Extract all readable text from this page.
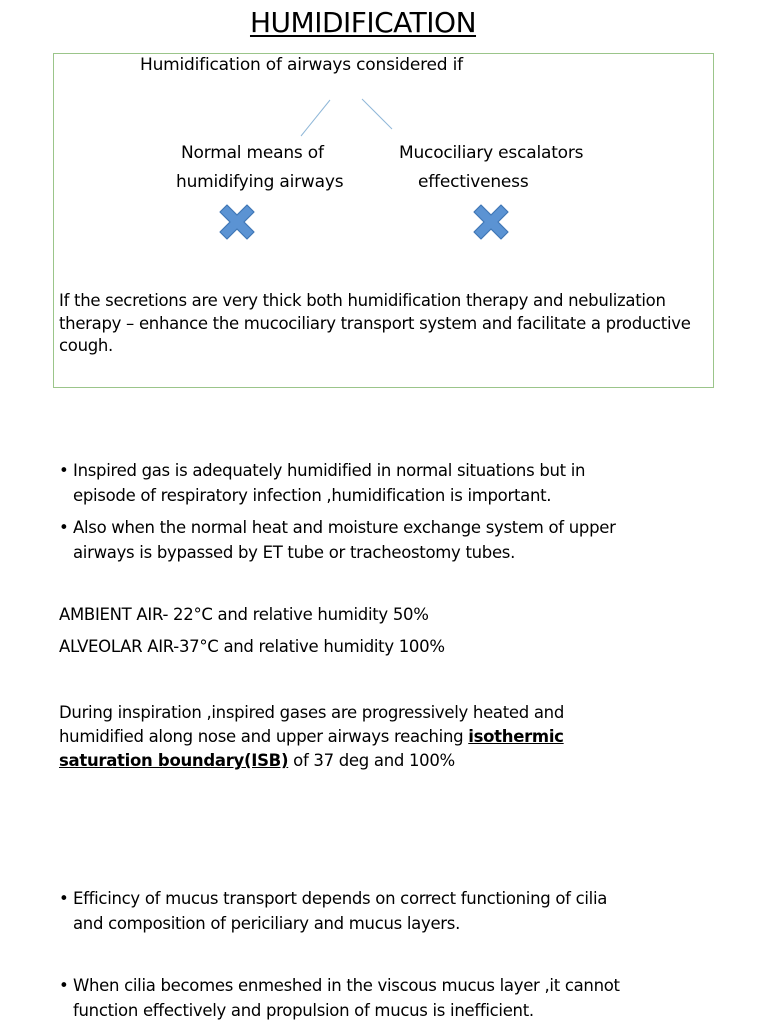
HUMIDIFICATION
Humidification of airways considered if
Normal means of
humidifying airways
Mucociliary escalators
effectiveness
If the secretions are very thick both humidification therapy and nebulization therapy – enhance the mucociliary transport system and facilitate a productive cough.
• Inspired gas is adequately humidified in normal situations but in
episode of respiratory infection ,humidification is important.
• Also when the normal heat and moisture exchange system of upper
airways is bypassed by ET tube or tracheostomy tubes.
AMBIENT AIR- 22°C and relative humidity 50%
ALVEOLAR AIR-37°C and relative humidity 100%
During inspiration ,inspired gases are progressively heated and humidified along nose and upper airways reaching isothermic saturation boundary(ISB) of 37 deg and 100%
• Efficincy of mucus transport depends on correct functioning of cilia
and composition of periciliary and mucus layers.
• When cilia becomes enmeshed in the viscous mucus layer ,it cannot
function effectively and propulsion of mucus is inefficient.
